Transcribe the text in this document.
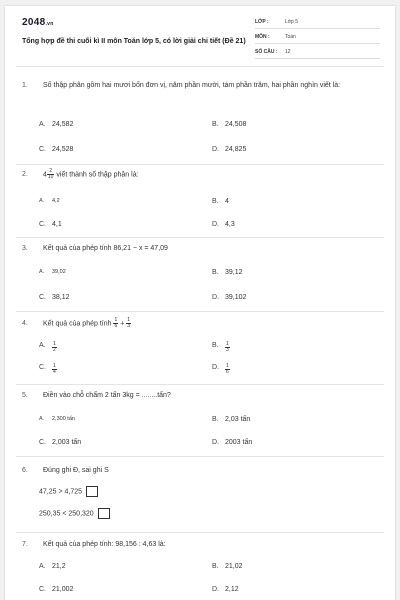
2048.vn
Tổng hợp đề thi cuối kì II môn Toán lớp 5, có lời giải chi tiết (Đề 21)
LỚP :	Lớp 5
MÔN :	Toán
SỐ CÂU : 12
1. Số thập phân gồm hai mươi bốn đơn vị, năm phần mười, tám phần trăm, hai phần nghìn viết là:
A. 24,582	B. 24,508
C. 24,528	D. 24,825
2. $4 \frac{2}{10}$ viết thành số thập phân là:
A. 4,2	B. 4
C. 4,1	D. 4,3
3. Kết quả của phép tính 86,21 − x = 47,09
A. 39,02	B. 39,12
C. 38,12	D. 39,102
4. Kết quả của phép tính $\frac{1}{6} + \frac{1}{3}$
A. $\frac{1}{2}$	B. $\frac{1}{3}$
C. $\frac{1}{4}$	D. $\frac{1}{6}$
5. Điền vào chỗ chấm 2 tấn 3kg = ........tấn?
A. 2,300 tấn	B. 2,03 tấn
C. 2,003 tấn	D. 2003 tấn
6. Đúng ghi Đ, sai ghi S
47,25 > 4,725
250,35 < 250,320
7. Kết quả của phép tính: 98,156 : 4,63 là:
A. 21,2	B. 21,02
C. 21,002	D. 2,12
